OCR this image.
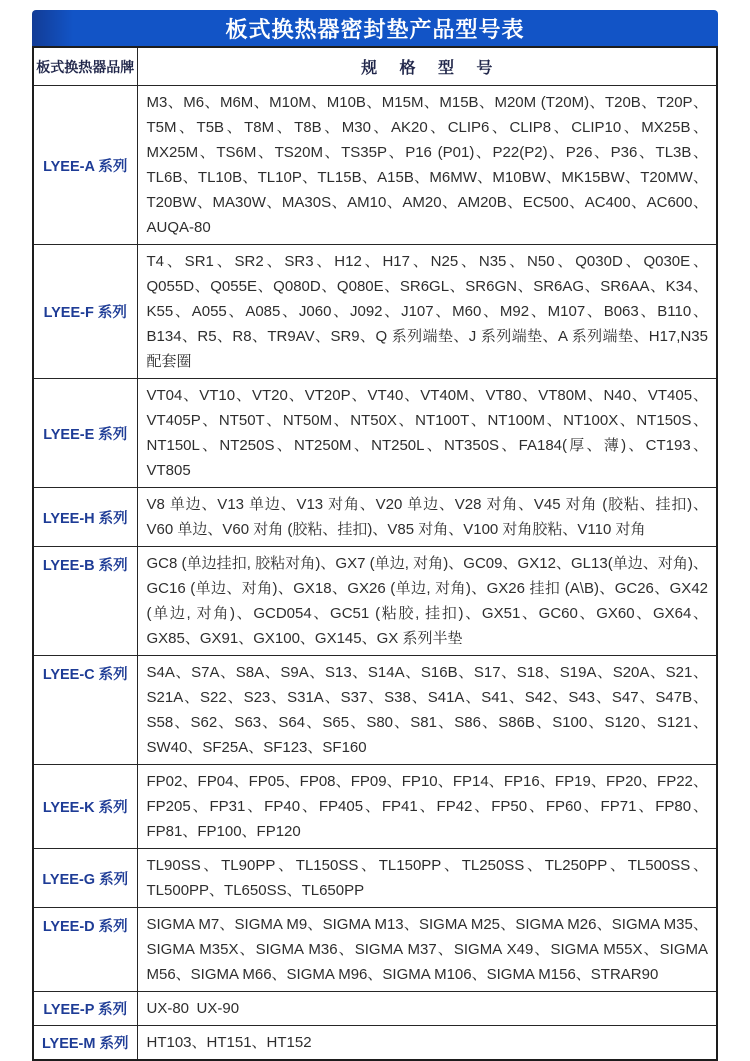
板式换热器密封垫产品型号表
板式换热器品牌	规 格 型 号
LYEE-A 系列	M3、M6、M6M、M10M、M10B、M15M、M15B、M20M (T20M)、T20B、T20P、T5M、T5B、T8M、T8B、M30、AK20、CLIP6、CLIP8、CLIP10、MX25B、MX25M、TS6M、TS20M、TS35P、P16 (P01)、P22(P2)、P26、P36、TL3B、TL6B、TL10B、TL10P、TL15B、A15B、M6MW、M10BW、MK15BW、T20MW、T20BW、MA30W、MA30S、AM10、AM20、AM20B、EC500、AC400、AC600、AUQA-80
LYEE-F 系列	T4、SR1、SR2、SR3、H12、H17、N25、N35、N50、Q030D、Q030E、Q055D、Q055E、Q080D、Q080E、SR6GL、SR6GN、SR6AG、SR6AA、K34、K55、A055、A085、J060、J092、J107、M60、M92、M107、B063、B110、B134、R5、R8、TR9AV、SR9、Q 系列端垫、J 系列端垫、A 系列端垫、H17,N35 配套圈
LYEE-E 系列	VT04、VT10、VT20、VT20P、VT40、VT40M、VT80、VT80M、N40、VT405、VT405P、NT50T、NT50M、NT50X、NT100T、NT100M、NT100X、NT150S、NT150L、NT250S、NT250M、NT250L、NT350S、FA184(厚、薄)、CT193、VT805
LYEE-H 系列	V8 单边、V13 单边、V13 对角、V20 单边、V28 对角、V45 对角 (胶粘、挂扣)、V60 单边、V60 对角 (胶粘、挂扣)、V85 对角、V100 对角胶粘、V110 对角
LYEE-B 系列	GC8 (单边挂扣, 胶粘对角)、GX7 (单边, 对角)、GC09、GX12、GL13(单边、对角)、GC16 (单边、对角)、GX18、GX26 (单边, 对角)、GX26 挂扣 (A\B)、GC26、GX42 (单边, 对角)、GCD054、GC51 (粘胶, 挂扣)、GX51、GC60、GX60、GX64、GX85、GX91、GX100、GX145、GX 系列半垫
LYEE-C 系列	S4A、S7A、S8A、S9A、S13、S14A、S16B、S17、S18、S19A、S20A、S21、S21A、S22、S23、S31A、S37、S38、S41A、S41、S42、S43、S47、S47B、S58、S62、S63、S64、S65、S80、S81、S86、S86B、S100、S120、S121、SW40、SF25A、SF123、SF160
LYEE-K 系列	FP02、FP04、FP05、FP08、FP09、FP10、FP14、FP16、FP19、FP20、FP22、FP205、FP31、FP40、FP405、FP41、FP42、FP50、FP60、FP71、FP80、FP81、FP100、FP120
LYEE-G 系列	TL90SS、TL90PP、TL150SS、TL150PP、TL250SS、TL250PP、TL500SS、TL500PP、TL650SS、TL650PP
LYEE-D 系列	SIGMA M7、SIGMA M9、SIGMA M13、SIGMA M25、SIGMA M26、SIGMA M35、SIGMA M35X、SIGMA M36、SIGMA M37、SIGMA X49、SIGMA M55X、SIGMA M56、SIGMA M66、SIGMA M96、SIGMA M106、SIGMA M156、STRAR90
LYEE-P 系列	UX-80 UX-90
LYEE-M 系列	HT103、HT151、HT152
